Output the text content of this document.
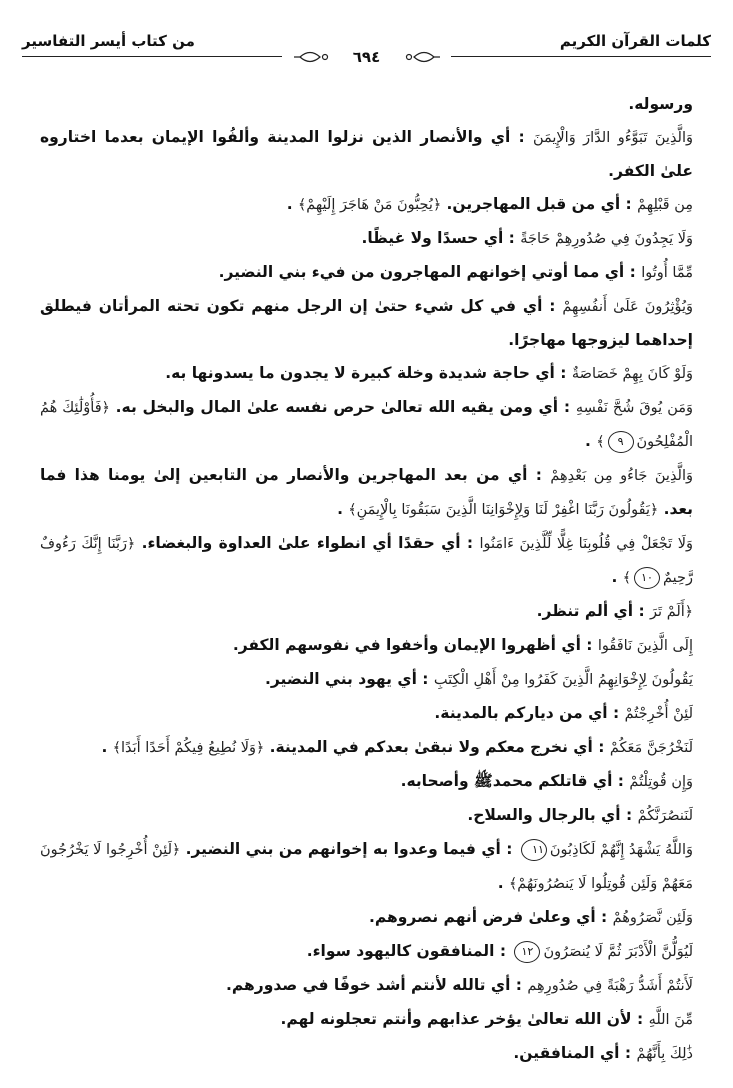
كلمات القرآن الكريم
من كتاب أيسر التفاسير
٦٩٤
ورسوله.
وَالَّذِينَ تَبَوَّءُو الدَّارَ وَالْإِيمَنَ : أي والأنصار الذين نزلوا المدينة وألفُوا الإيمان بعدما اختاروه
علىٰ الكفر.
مِن قَبْلِهِمْ : أي من قبل المهاجرين. ﴿يُحِبُّونَ مَنْ هَاجَرَ إِلَيْهِمْ﴾ .
وَلَا يَجِدُونَ فِي صُدُورِهِمْ حَاجَةً : أي حسدًا ولا غيظًا.
مِّمَّا أُوتُوا : أي مما أوتي إخوانهم المهاجرون من فيء بني النضير.
وَيُؤْثِرُونَ عَلَىٰ أَنفُسِهِمْ : أي في كل شيء حتىٰ إن الرجل منهم تكون تحته المرأتان فيطلق
إحداهما ليزوجها مهاجرًا.
وَلَوْ كَانَ بِهِمْ خَصَاصَةٌ : أي حاجة شديدة وخلة كبيرة لا يجدون ما يسدونها به.
وَمَن يُوقَ شُحَّ نَفْسِهِ : أي ومن يقيه الله تعالىٰ حرص نفسه علىٰ المال والبخل به. ﴿فَأُوْلَٰئِكَ هُمُ
الْمُفْلِحُونَ٩﴾ .
وَالَّذِينَ جَاءُو مِن بَعْدِهِمْ : أي من بعد المهاجرين والأنصار من التابعين إلىٰ يومنا هذا فما
بعد. ﴿يَقُولُونَ رَبَّنَا اغْفِرْ لَنَا وَلِإِخْوَانِنَا الَّذِينَ سَبَقُونَا بِالْإِيمَنِ﴾ .
وَلَا تَجْعَلْ فِي قُلُوبِنَا غِلًّا لِّلَّذِينَ ءَامَنُوا : أي حقدًا أي انطواء علىٰ العداوة والبغضاء. ﴿رَبَّنَا إِنَّكَ رَءُوفٌ
رَّحِيمٌ١٠﴾ .
﴿أَلَمْ تَرَ : أي ألم تنظر.
إِلَى الَّذِينَ نَافَقُوا : أي أظهروا الإيمان وأخفوا في نفوسهم الكفر.
يَقُولُونَ لِإِخْوَانِهِمُ الَّذِينَ كَفَرُوا مِنْ أَهْلِ الْكِتَبِ : أي يهود بني النضير.
لَئِنْ أُخْرِجْتُمْ : أي من دياركم بالمدينة.
لَنَخْرُجَنَّ مَعَكُمْ : أي نخرج معكم ولا نبقىٰ بعدكم في المدينة. ﴿وَلَا نُطِيعُ فِيكُمْ أَحَدًا أَبَدًا﴾ .
وَإِن قُوتِلْتُمْ : أي قاتلكم محمدﷺ وأصحابه.
لَنَنصُرَنَّكُمْ : أي بالرجال والسلاح.
وَاللَّهُ يَشْهَدُ إِنَّهُمْ لَكَاذِبُونَ١١ : أي فيما وعدوا به إخوانهم من بني النضير. ﴿لَئِنْ أُخْرِجُوا لَا يَخْرُجُونَ
مَعَهُمْ وَلَئِن قُوتِلُوا لَا يَنصُرُونَهُمْ﴾ .
وَلَئِن نَّصَرُوهُمْ : أي وعلىٰ فرض أنهم نصروهم.
لَيُوَلُّنَّ الْأَدْبَرَ ثُمَّ لَا يُنصَرُونَ١٢ : المنافقون كاليهود سواء.
لَأَنتُمْ أَشَدُّ رَهْبَةً فِي صُدُورِهِم : أي تالله لأنتم أشد خوفًا في صدورهم.
مِّنَ اللَّهِ : لأن الله تعالىٰ يؤخر عذابهم وأنتم تعجلونه لهم.
ذَٰلِكَ بِأَنَّهُمْ : أي المنافقين.
